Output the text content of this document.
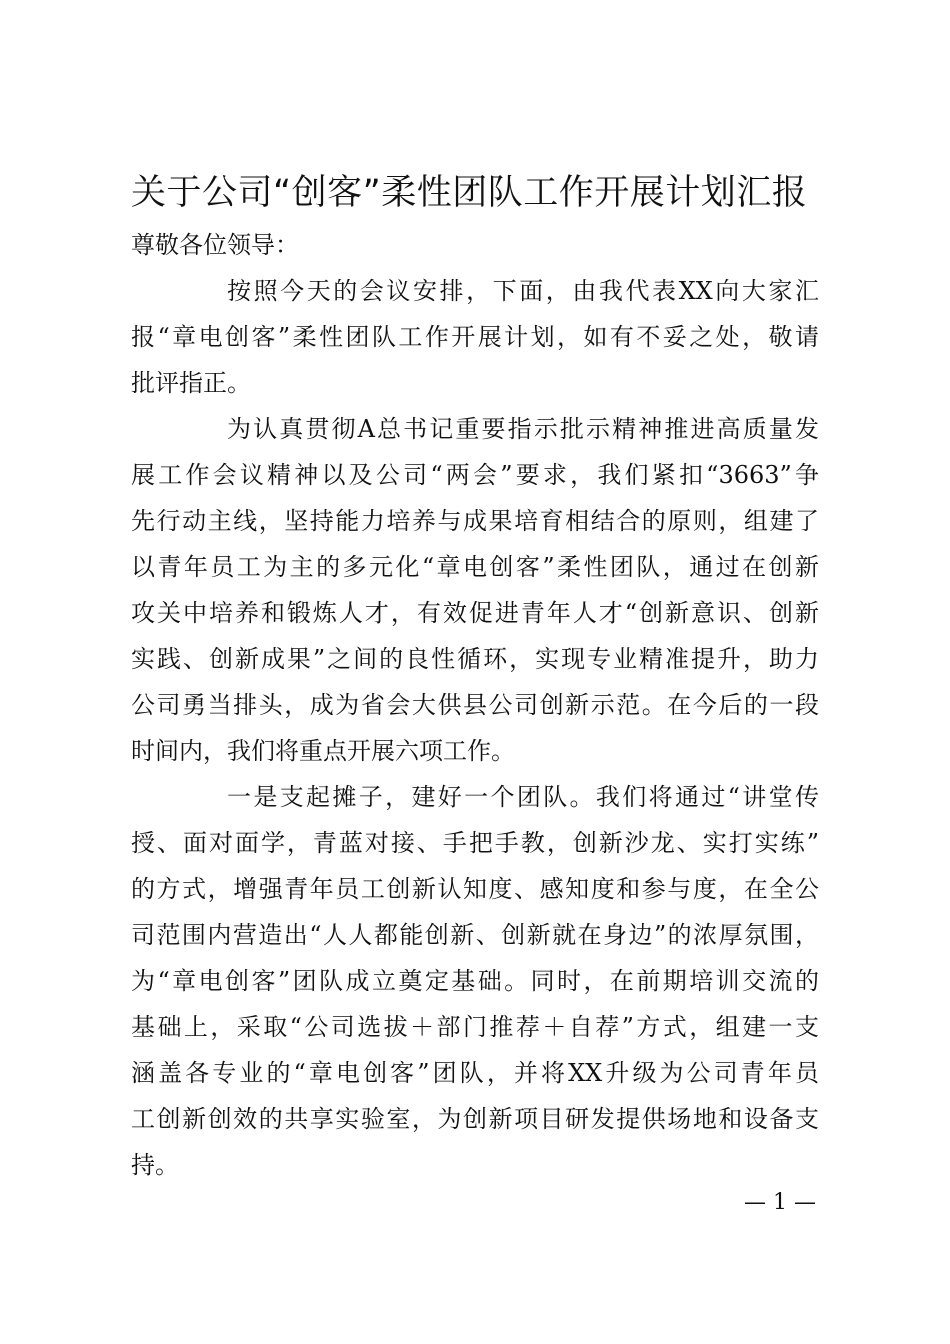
关于公司“创客”柔性团队工作开展计划汇报
尊敬各位领导：
按照今天的会议安排，下面，由我代表XX向大家汇
报“章电创客”柔性团队工作开展计划，如有不妥之处，敬请
批评指正。
为认真贯彻A总书记重要指示批示精神推进高质量发
展工作会议精神以及公司“两会”要求，我们紧扣“3663”争
先行动主线，坚持能力培养与成果培育相结合的原则，组建了
以青年员工为主的多元化“章电创客”柔性团队，通过在创新
攻关中培养和锻炼人才，有效促进青年人才“创新意识、创新
实践、创新成果”之间的良性循环，实现专业精准提升，助力
公司勇当排头，成为省会大供县公司创新示范。在今后的一段
时间内，我们将重点开展六项工作。
一是支起摊子，建好一个团队。我们将通过“讲堂传
授、面对面学，青蓝对接、手把手教，创新沙龙、实打实练”
的方式，增强青年员工创新认知度、感知度和参与度，在全公
司范围内营造出“人人都能创新、创新就在身边”的浓厚氛围，
为“章电创客”团队成立奠定基础。同时，在前期培训交流的
基础上，采取“公司选拔＋部门推荐＋自荐”方式，组建一支
涵盖各专业的“章电创客”团队，并将XX升级为公司青年员
工创新创效的共享实验室，为创新项目研发提供场地和设备支
持。
— 1 —
